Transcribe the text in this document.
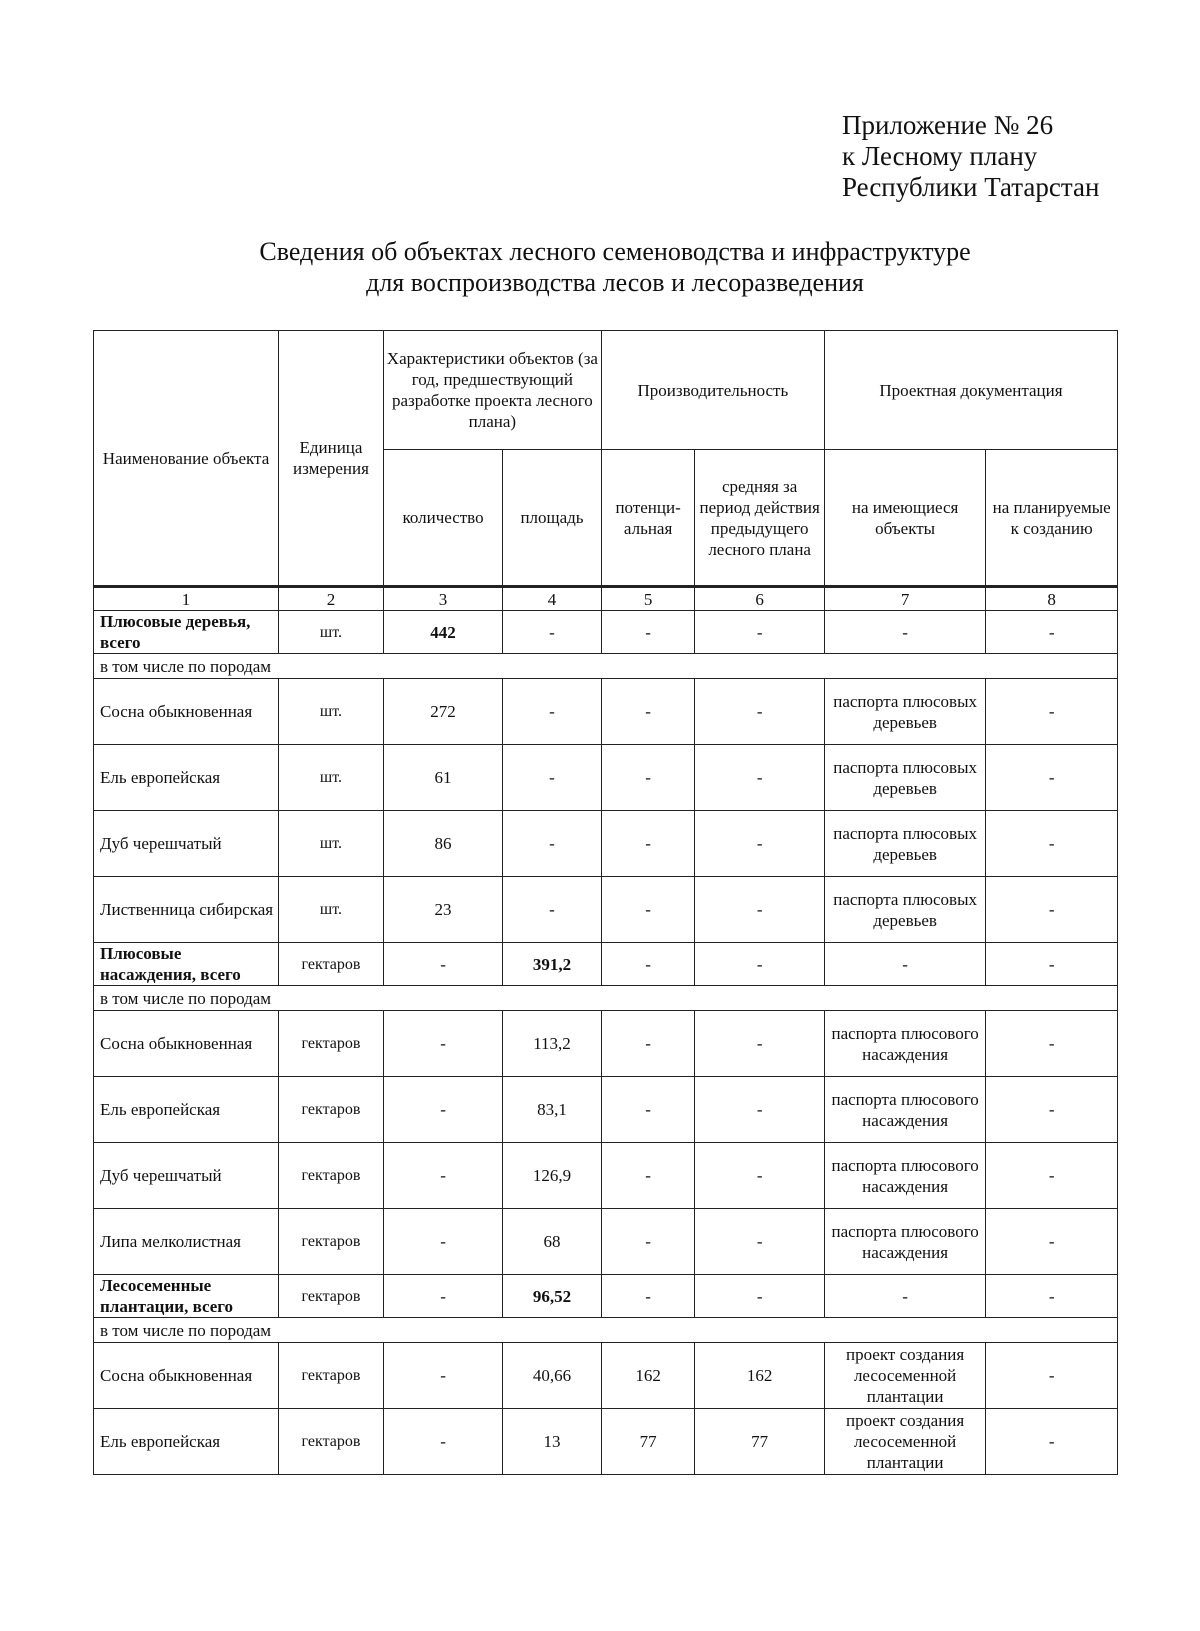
Приложение № 26
к Лесному плану
Республики Татарстан
Сведения об объектах лесного семеноводства и инфраструктуре
для воспроизводства лесов и лесоразведения
Наименование объекта	Единица измерения	Характеристики объектов (за год, предшествующий разработке проекта лесного плана)		Производительность		Проектная документация	
		количество	площадь	потенци-альная	средняя за период действия предыдущего лесного плана	на имеющиеся объекты	на планируемые к созданию
1	2	3	4	5	6	7	8
Плюсовые деревья, всего	шт.	442	-	-	-	-	-
в том числе по породам							
Сосна обыкновенная	шт.	272	-	-	-	паспорта плюсовых деревьев	-
Ель европейская	шт.	61	-	-	-	паспорта плюсовых деревьев	-
Дуб черешчатый	шт.	86	-	-	-	паспорта плюсовых деревьев	-
Лиственница сибирская	шт.	23	-	-	-	паспорта плюсовых деревьев	-
Плюсовые насаждения, всего	гектаров	-	391,2	-	-	-	-
в том числе по породам							
Сосна обыкновенная	гектаров	-	113,2	-	-	паспорта плюсового насаждения	-
Ель европейская	гектаров	-	83,1	-	-	паспорта плюсового насаждения	-
Дуб черешчатый	гектаров	-	126,9	-	-	паспорта плюсового насаждения	-
Липа мелколистная	гектаров	-	68	-	-	паспорта плюсового насаждения	-
Лесосеменные плантации, всего	гектаров	-	96,52	-	-	-	-
в том числе по породам							
Сосна обыкновенная	гектаров	-	40,66	162	162	проект создания лесосеменной плантации	-
Ель европейская	гектаров	-	13	77	77	проект создания лесосеменной плантации	-
